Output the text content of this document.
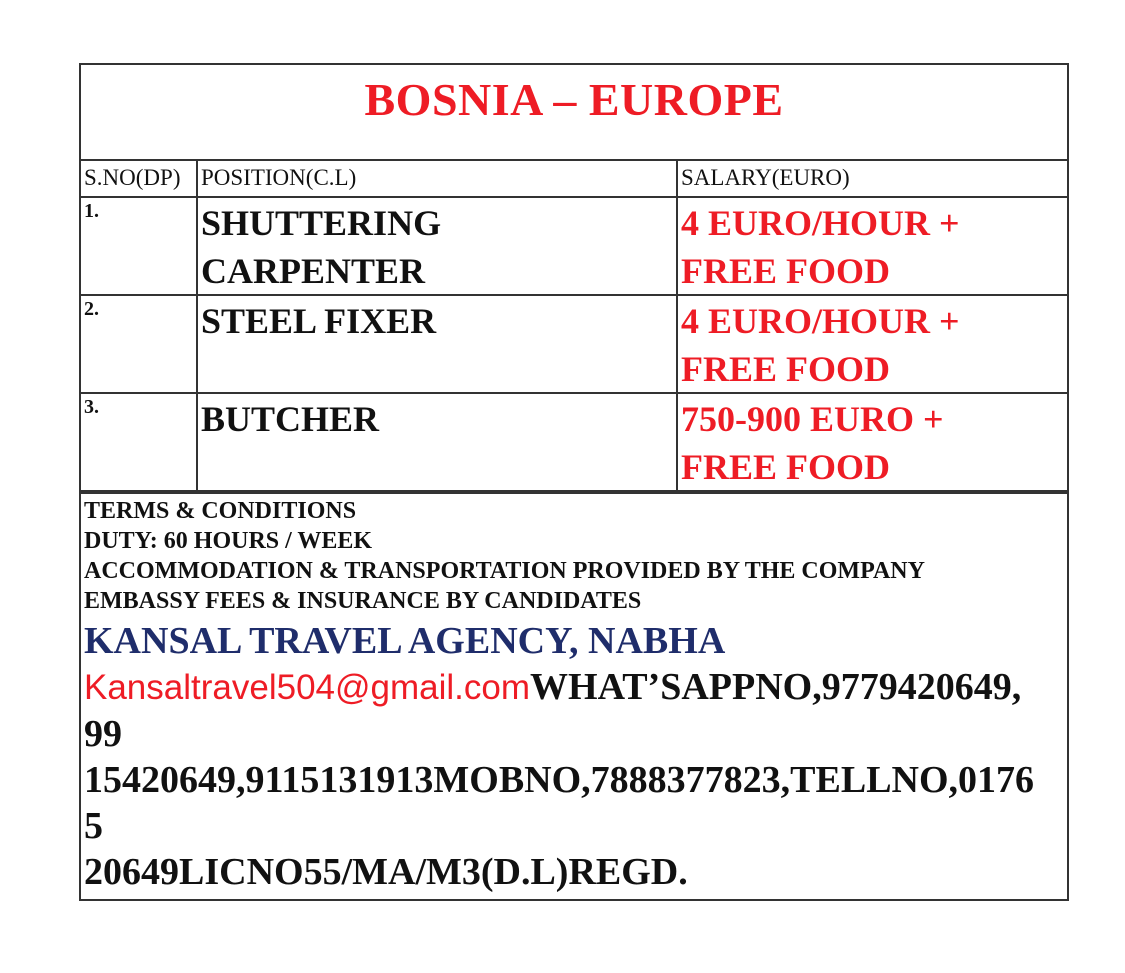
BOSNIA – EUROPE
S.NO(DP)	POSITION(C.L)	SALARY(EURO)

1.	SHUTTERING
CARPENTER	4 EURO/HOUR +
FREE FOOD

2.	STEEL FIXER	4 EURO/HOUR +
FREE FOOD

3.	BUTCHER	750-900 EURO +
FREE FOOD
TERMS & CONDITIONS
DUTY: 60 HOURS / WEEK
ACCOMMODATION & TRANSPORTATION PROVIDED BY THE COMPANY
EMBASSY FEES & INSURANCE BY CANDIDATES
KANSAL TRAVEL AGENCY, NABHA
Kansaltravel504@gmail.comWHAT’SAPPNO,9779420649,
99
15420649,9115131913MOBNO,7888377823,TELLNO,0176
5
20649LICNO55/MA/M3(D.L)REGD.
